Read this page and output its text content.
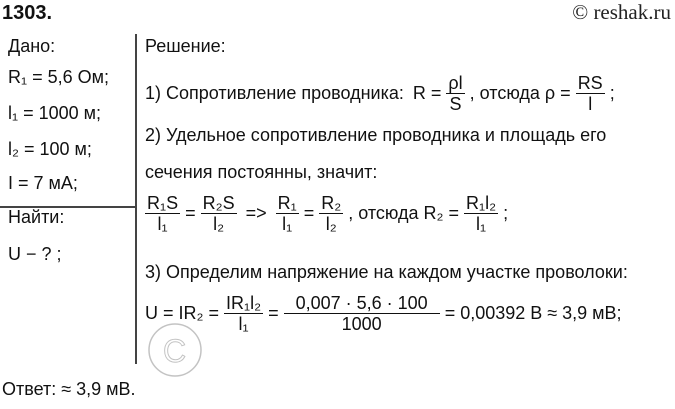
1303.	© reshak.ru
Дано:
R₁ = 5,6 Ом;
l₁ = 1000 м;
l₂ = 100 м;
I = 7 мА;
Найти:
U − ? ;
Решение:
1) Сопротивление проводника: $R = \frac{\rho l}{S}$ , отсюда $\rho = \frac{RS}{l}$ ;
2) Удельное сопротивление проводника и площадь его
сечения постоянны, значит:
$\frac{\text{R₁S}}{\text{l₁}} = \frac{\text{R₂S}}{\text{l₂}} => \frac{\text{R₁}}{\text{l₁}} = \frac{\text{R₂}}{\text{l₂}}$ , отсюда $R_2 = \frac{\text{R₁l₂}}{\text{l₁}}$ ;
3) Определим напряжение на каждом участке проволоки:
$U = IR_2 = \frac{\text{IR₁l₂}}{\text{l₁}} = \frac{0,007 \cdot 5,6 \cdot 100}{1000} = 0,00392$ В ≈ 3,9 мВ;
C
Ответ: ≈ 3,9 мВ.
